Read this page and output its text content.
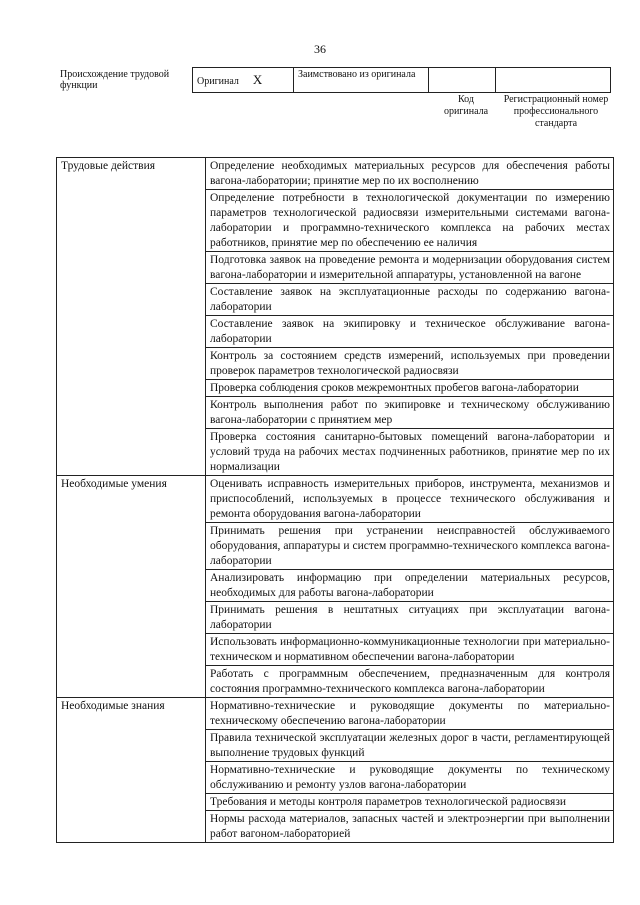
36
Происхождение трудовой функции	Оригинал X	Заимствовано из оригинала		
Код оригинала
Регистрационный номер профессионального стандарта
Трудовые действия	Определение необходимых материальных ресурсов для обеспечения работы вагона-лаборатории; принятие мер по их восполнению
	Определение потребности в технологической документации по измерению параметров технологической радиосвязи измерительными системами вагона-лаборатории и программно-технического комплекса на рабочих местах работников, принятие мер по обеспечению ее наличия
	Подготовка заявок на проведение ремонта и модернизации оборудования систем вагона-лаборатории и измерительной аппаратуры, установленной на вагоне
	Составление заявок на эксплуатационные расходы по содержанию вагона-лаборатории
	Составление заявок на экипировку и техническое обслуживание вагона-лаборатории
	Контроль за состоянием средств измерений, используемых при проведении проверок параметров технологической радиосвязи
	Проверка соблюдения сроков межремонтных пробегов вагона-лаборатории
	Контроль выполнения работ по экипировке и техническому обслуживанию вагона-лаборатории с принятием мер
	Проверка состояния санитарно-бытовых помещений вагона-лаборатории и условий труда на рабочих местах подчиненных работников, принятие мер по их нормализации
Необходимые умения	Оценивать исправность измерительных приборов, инструмента, механизмов и приспособлений, используемых в процессе технического обслуживания и ремонта оборудования вагона-лаборатории
	Принимать решения при устранении неисправностей обслуживаемого оборудования, аппаратуры и систем программно-технического комплекса вагона-лаборатории
	Анализировать информацию при определении материальных ресурсов, необходимых для работы вагона-лаборатории
	Принимать решения в нештатных ситуациях при эксплуатации вагона-лаборатории
	Использовать информационно-коммуникационные технологии при материально-техническом и нормативном обеспечении вагона-лаборатории
	Работать с программным обеспечением, предназначенным для контроля состояния программно-технического комплекса вагона-лаборатории
Необходимые знания	Нормативно-технические и руководящие документы по материально-техническому обеспечению вагона-лаборатории
	Правила технической эксплуатации железных дорог в части, регламентирующей выполнение трудовых функций
	Нормативно-технические и руководящие документы по техническому обслуживанию и ремонту узлов вагона-лаборатории
	Требования и методы контроля параметров технологической радиосвязи
	Нормы расхода материалов, запасных частей и электроэнергии при выполнении работ вагоном-лабораторией
